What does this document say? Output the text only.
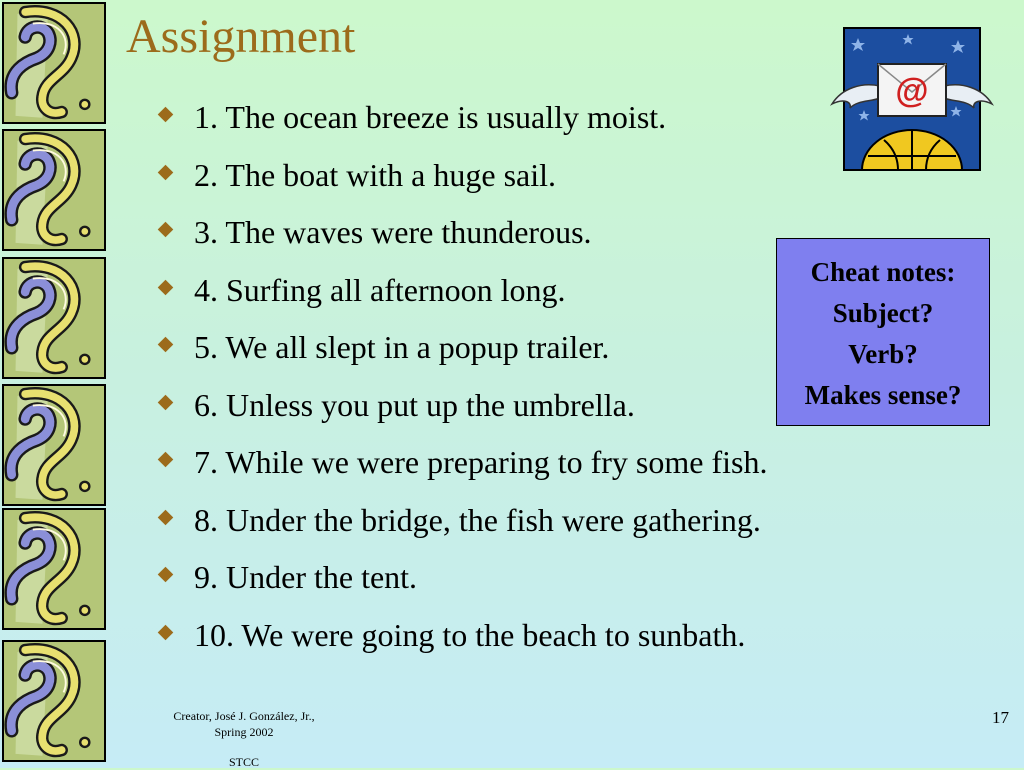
Assignment
1. The ocean breeze is usually moist.
2. The boat with a huge sail.
3. The waves were thunderous.
4. Surfing all afternoon long.
5. We all slept in a popup trailer.
6. Unless you put up the umbrella.
7. While we were preparing to fry some fish.
8. Under the bridge, the fish were gathering.
9. Under the tent.
10. We were going to the beach to sunbath.
@
Cheat notes:
Subject?
Verb?
Makes sense?
Creator, José J. González, Jr.,
Spring 2002
STCC
17
